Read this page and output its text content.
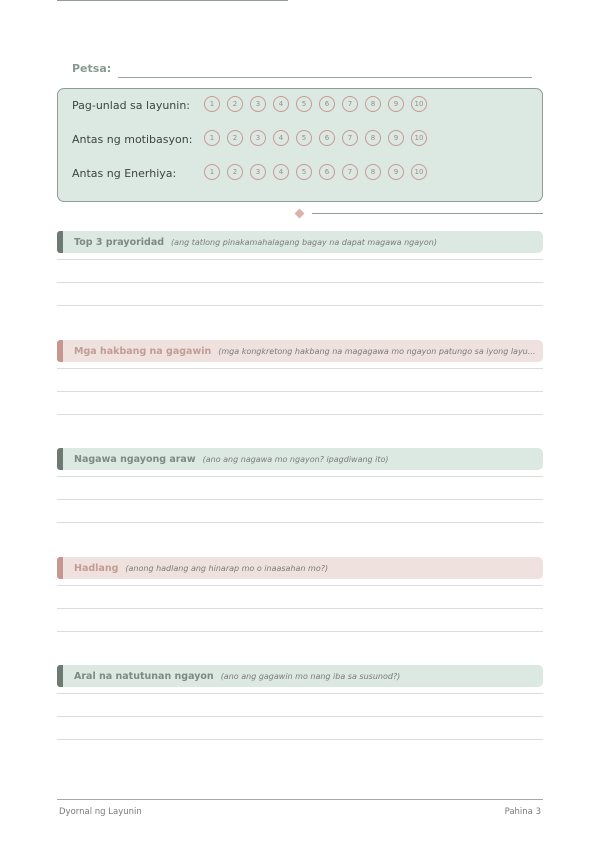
Petsa:
Pag-unlad sa layunin:	1	2	3	4	5	6	7	8	9	10
Antas ng motibasyon:	1	2	3	4	5	6	7	8	9	10
Antas ng Enerhiya:	1	2	3	4	5	6	7	8	9	10
Top 3 prayoridad (ang tatlong pinakamahalagang bagay na dapat magawa ngayon)
Mga hakbang na gagawin (mga kongkretong hakbang na magagawa mo ngayon patungo sa iyong layu...
Nagawa ngayong araw (ano ang nagawa mo ngayon? ipagdiwang ito)
Hadlang (anong hadlang ang hinarap mo o inaasahan mo?)
Aral na natutunan ngayon (ano ang gagawin mo nang iba sa susunod?)
Dyornal ng Layunin	Pahina 3
